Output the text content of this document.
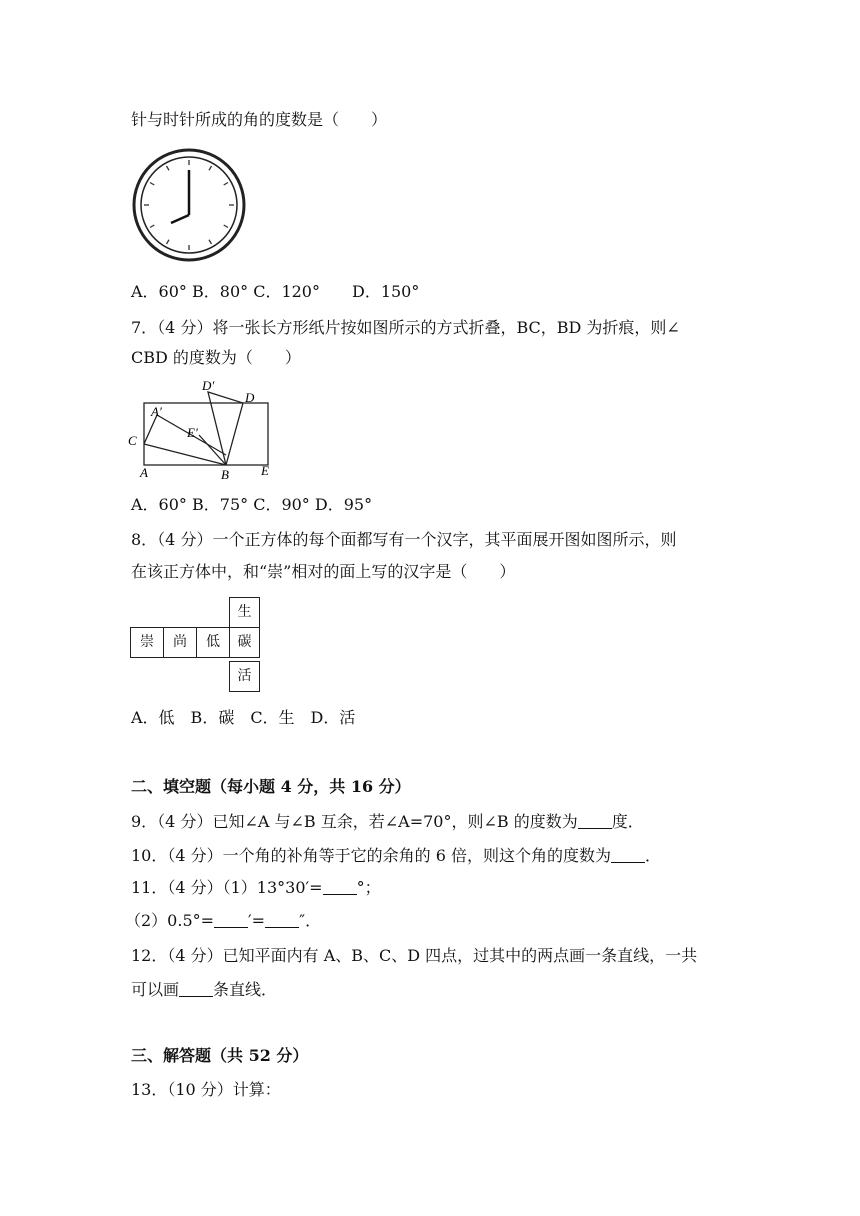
针与时针所成的角的度数是（　　）
A．60° B．80° C．120°　　D．150°
7．（4 分）将一张长方形纸片按如图所示的方式折叠，BC，BD 为折痕，则∠
CBD 的度数为（　　）
A
A′
B
C
D
D′
E
E′
A．60° B．75° C．90° D．95°
8．（4 分）一个正方体的每个面都写有一个汉字，其平面展开图如图所示，则
在该正方体中，和“崇”相对的面上写的汉字是（　　）
生
崇	尚	低	碳
活
A．低　B．碳　C．生　D．活
二、填空题（每小题 4 分，共 16 分）
9．（4 分）已知∠A 与∠B 互余，若∠A=70°，则∠B 的度数为 度．
10．（4 分）一个角的补角等于它的余角的 6 倍，则这个角的度数为 ．
11．（4 分）（1）13°30′= °；
（2）0.5°= ′= ″．
12．（4 分）已知平面内有 A、B、C、D 四点，过其中的两点画一条直线，一共
可以画 条直线．
三、解答题（共 52 分）
13．（10 分）计算：
